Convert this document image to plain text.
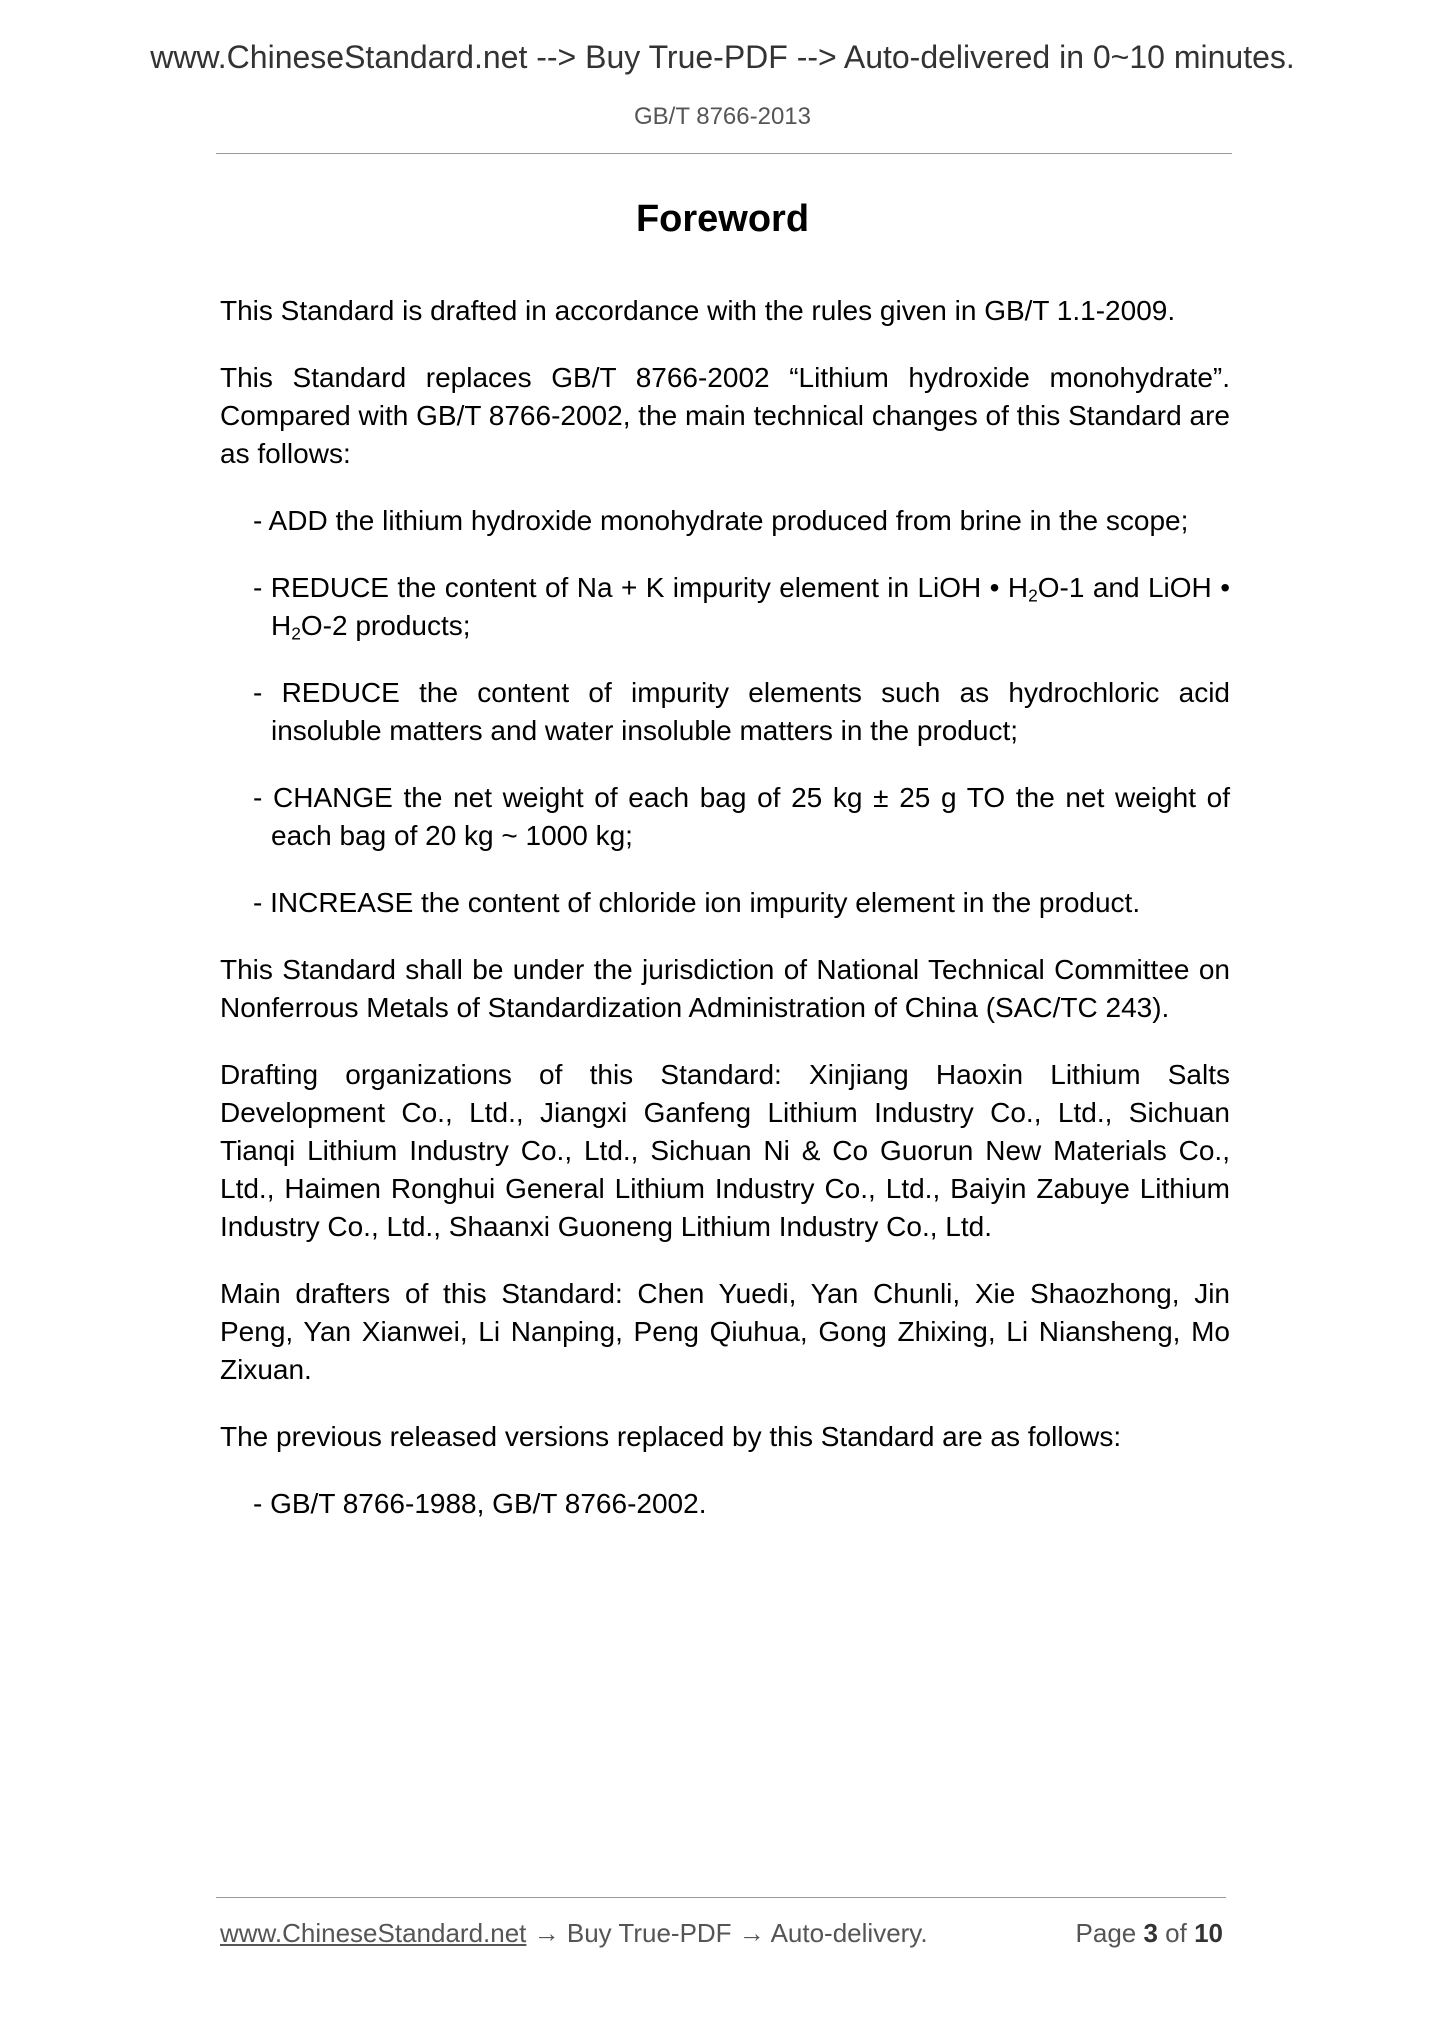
www.ChineseStandard.net --> Buy True-PDF --> Auto-delivered in 0~10 minutes.
GB/T 8766-2013
Foreword

This Standard is drafted in accordance with the rules given in GB/T 1.1-2009.

This Standard replaces GB/T 8766-2002 “Lithium hydroxide monohydrate”. Compared with GB/T 8766-2002, the main technical changes of this Standard are as follows:

- ADD the lithium hydroxide monohydrate produced from brine in the scope;

- REDUCE the content of Na + K impurity element in LiOH • $H_2O-1$ and LiOH • $H_2O-2$ products;

- REDUCE the content of impurity elements such as hydrochloric acid insoluble matters and water insoluble matters in the product;

- CHANGE the net weight of each bag of 25 kg ± 25 g TO the net weight of each bag of 20 kg ~ 1000 kg;

- INCREASE the content of chloride ion impurity element in the product.

This Standard shall be under the jurisdiction of National Technical Committee on Nonferrous Metals of Standardization Administration of China (SAC/TC 243).

Drafting organizations of this Standard: Xinjiang Haoxin Lithium Salts Development Co., Ltd., Jiangxi Ganfeng Lithium Industry Co., Ltd., Sichuan Tianqi Lithium Industry Co., Ltd., Sichuan Ni & Co Guorun New Materials Co., Ltd., Haimen Ronghui General Lithium Industry Co., Ltd., Baiyin Zabuye Lithium Industry Co., Ltd., Shaanxi Guoneng Lithium Industry Co., Ltd.

Main drafters of this Standard: Chen Yuedi, Yan Chunli, Xie Shaozhong, Jin Peng, Yan Xianwei, Li Nanping, Peng Qiuhua, Gong Zhixing, Li Niansheng, Mo Zixuan.

The previous released versions replaced by this Standard are as follows:

- GB/T 8766-1988, GB/T 8766-2002.

www.ChineseStandard.net → Buy True-PDF → Auto-delivery.	Page 3 of 10
